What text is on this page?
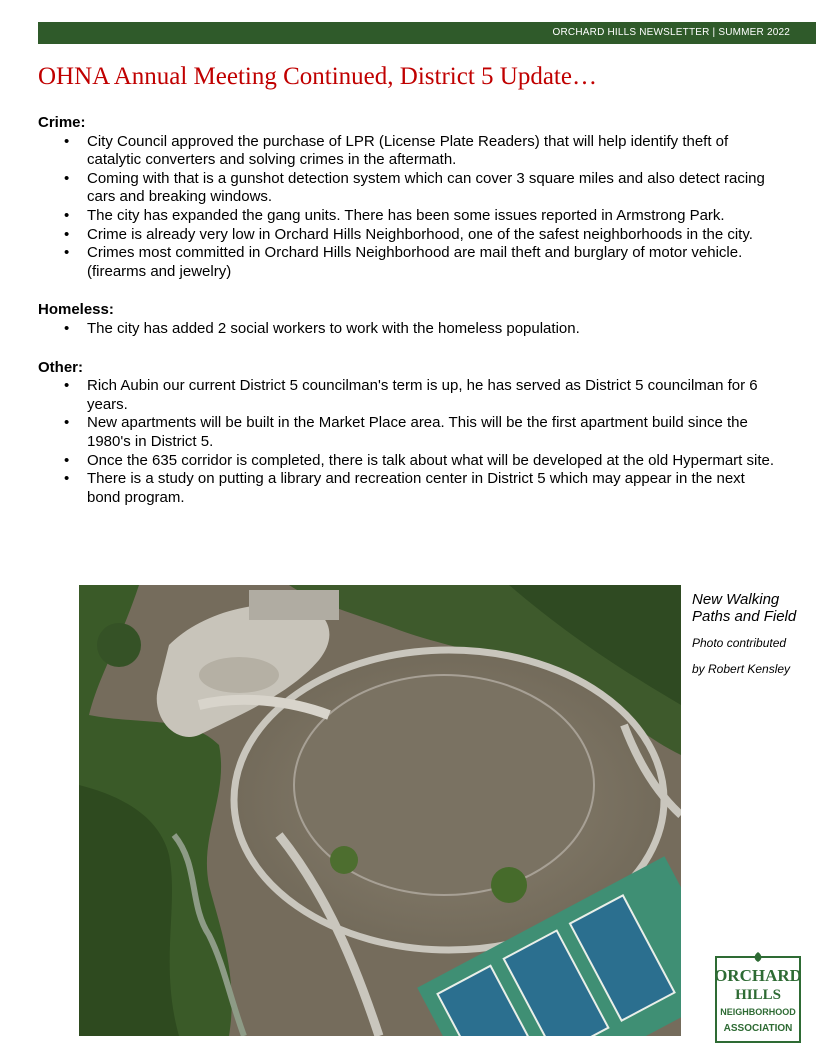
ORCHARD HILLS NEWSLETTER | SUMMER 2022
OHNA Annual Meeting Continued, District 5 Update…

Crime:

• City Council approved the purchase of LPR (License Plate Readers) that will help identify theft of catalytic converters and solving crimes in the aftermath.
• Coming with that is a gunshot detection system which can cover 3 square miles and also detect racing cars and breaking windows.
• The city has expanded the gang units. There has been some issues reported in Armstrong Park.
• Crime is already very low in Orchard Hills Neighborhood, one of the safest neighborhoods in the city.
• Crimes most committed in Orchard Hills Neighborhood are mail theft and burglary of motor vehicle. (firearms and jewelry)

Homeless:

• The city has added 2 social workers to work with the homeless population.

Other:

• Rich Aubin our current District 5 councilman's term is up, he has served as District 5 councilman for 6 years.
• New apartments will be built in the Market Place area. This will be the first apartment build since the 1980's in District 5.
• Once the 635 corridor is completed, there is talk about what will be developed at the old Hypermart site.
• There is a study on putting a library and recreation center in District 5 which may appear in the next bond program.

New Walking Paths and Field

Photo contributed

by Robert Kensley

ORCHARD
HILLS
NEIGHBORHOOD
ASSOCIATION
